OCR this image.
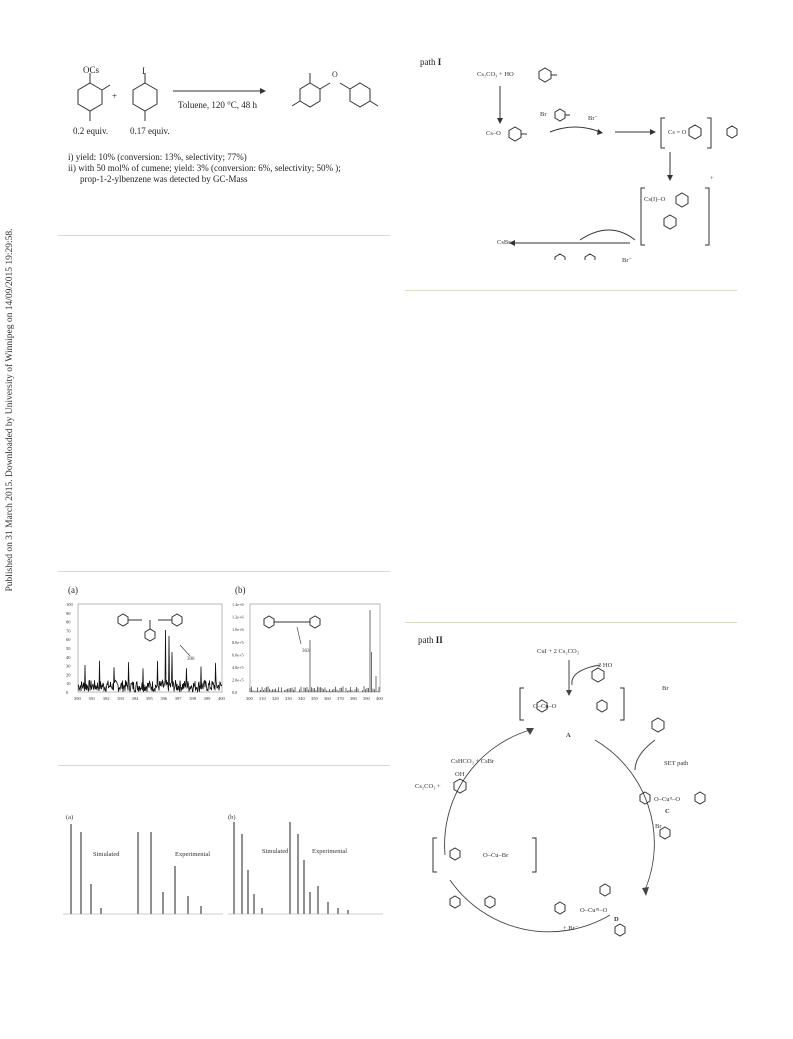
Published on 31 March 2015. Downloaded by University of Winnipeg on 14/09/2015 19:29:58.
O
OCs	I
+
Toluene, 120 °C, 48 h
0.2 equiv. 0.17 equiv.
i) yield: 10% (conversion: 13%, selectivity; 77%)
ii) with 50 mol% of cumene; yield: 3% (conversion: 6%, selectivity; 50% );
prop-1-2-ylbenzene was detected by GC-Mass
path I
Cs₂CO₃ + HO
Cs–O
Br
Br⁻
Cs = O
+
Cs(I)–O
CsBr
Br⁻
(a)	(b)
100
90
80
70
60
50
40
30
20
10
0
390 391 392 393 394 395 396 397 398 399 400
396
1.4e+6
1.2e+6
1.0e+6
8.0e+5
6.0e+5
4.0e+5
2.0e+5
0.0
300 310 320 330 340 350 360 370 380 390 400
363
(a)	(b)
Simulated	Experimental	Simulated	Experimental
path II
CuI + 2 Cs₂CO₃
2 HO
O–Cu–O
A
Br
SET path
O–Cuᴵᴵ–O
C
Br
O–Cuᴵᴵᴵ–O
D
+ Br⁻
O–Cu–Br
CsHCO₃ + CsBr
OH
Cs₂CO₃ +
